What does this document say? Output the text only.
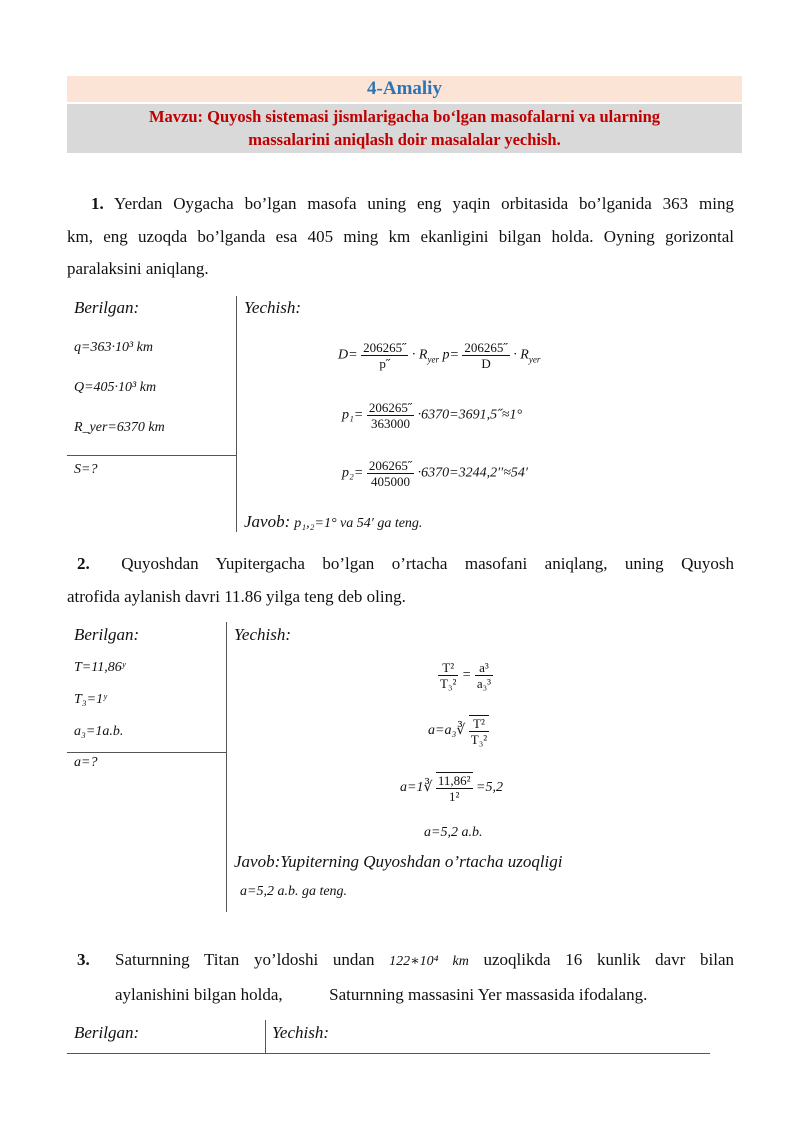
4-Amaliy
Mavzu: Quyosh sistemasi jismlarigacha bo‘lgan masofalarni va ularning
massalarini aniqlash doir masalalar yechish.
1. Yerdan Oygacha bo’lgan masofa uning eng yaqin orbitasida bo’lganida 363 ming
km, eng uzoqda bo’lganda esa 405 ming km ekanligini bilgan holda. Oyning gorizontal
paralaksini aniqlang.
Berilgan:	Yechish:
q=363·10³ km
Q=405·10³ km
R_yer=6370 km
S=?
$D= \frac{206265˝}{p˝} \cdot R_{yer}$ $p= \frac{206265˝}{D} \cdot R_{yer}$
$p_1= \frac{206265˝}{363000}$ ·6370=3691,5˝≈1°
$p_2= \frac{206265˝}{405000} \cdot 6370=3244,2''\approx 54'$
Javob: p₁,₂=1° va 54′ ga teng.
2. Quyoshdan Yupitergacha bo’lgan o’rtacha masofani aniqlang, uning Quyosh
atrofida aylanish davri 11.86 yilga teng deb oling.
Berilgan:	Yechish:
T=11,86ʸ
T₃=1ʸ
a₃=1a.b.
a=?
$\frac{\text{T²}}{\text{T₃²}} = \frac{\text{a³}}{\text{a₃³}}$
a=a₃∛ $\frac{\text{T²}}{\text{T₃²}}$
a=1∛ $\frac{\text{11,86²}}{\text{1²}} =5,2$
a=5,2 a.b.
Javob:Yupiterning Quyoshdan o’rtacha uzoqligi
a=5,2 a.b. ga teng.
3.	Saturnning Titan yo’ldoshi undan 122∗10⁴ km uzoqlikda 16 kunlik davr bilan
aylanishini bilgan holda,	Saturnning massasini Yer massasida ifodalang.
Berilgan:	Yechish:
